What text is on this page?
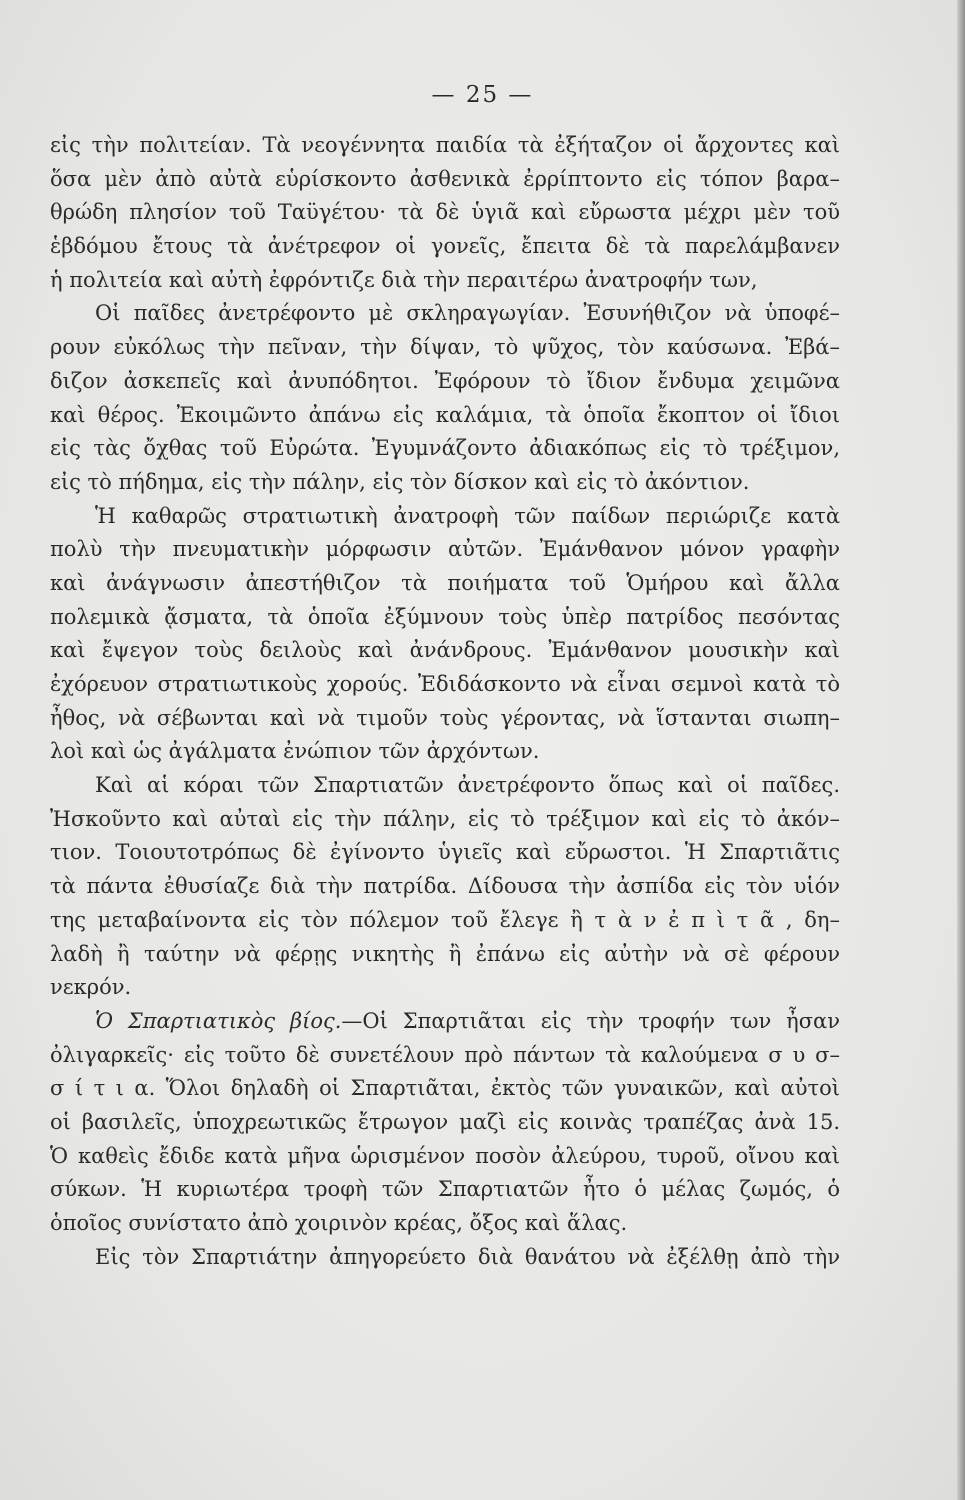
— 25 —
εἰς τὴν πολιτείαν. Τὰ νεογέννητα παιδία τὰ ἐξήταζον οἱ ἄρχοντες καὶ
ὅσα μὲν ἀπὸ αὐτὰ εὑρίσκοντο ἀσθενικὰ ἐρρίπτοντο εἰς τόπον βαρα–
θρώδη πλησίον τοῦ Ταϋγέτου· τὰ δὲ ὑγιᾶ καὶ εὔρωστα μέχρι μὲν τοῦ
ἑβδόμου ἔτους τὰ ἀνέτρεφον οἱ γονεῖς, ἔπειτα δὲ τὰ παρελάμβανεν
ἡ πολιτεία καὶ αὐτὴ ἐφρόντιζε διὰ τὴν περαιτέρω ἀνατροφήν των,
Οἱ παῖδες ἀνετρέφοντο μὲ σκληραγωγίαν. Ἐσυνήθιζον νὰ ὑποφέ–
ρουν εὐκόλως τὴν πεῖναν, τὴν δίψαν, τὸ ψῦχος, τὸν καύσωνα. Ἐβά–
διζον ἀσκεπεῖς καὶ ἀνυπόδητοι. Ἐφόρουν τὸ ἴδιον ἔνδυμα χειμῶνα
καὶ θέρος. Ἐκοιμῶντο ἀπάνω εἰς καλάμια, τὰ ὁποῖα ἔκοπτον οἱ ἴδιοι
εἰς τὰς ὄχθας τοῦ Εὐρώτα. Ἐγυμνάζοντο ἀδιακόπως εἰς τὸ τρέξιμον,
εἰς τὸ πήδημα, εἰς τὴν πάλην, εἰς τὸν δίσκον καὶ εἰς τὸ ἀκόντιον.
Ἡ καθαρῶς στρατιωτικὴ ἀνατροφὴ τῶν παίδων περιώριζε κατὰ
πολὺ τὴν πνευματικὴν μόρφωσιν αὐτῶν. Ἐμάνθανον μόνον γραφὴν
καὶ ἀνάγνωσιν ἀπεστήθιζον τὰ ποιήματα τοῦ Ὁμήρου καὶ ἄλλα
πολεμικὰ ᾄσματα, τὰ ὁποῖα ἐξύμνουν τοὺς ὑπὲρ πατρίδος πεσόντας
καὶ ἔψεγον τοὺς δειλοὺς καὶ ἀνάνδρους. Ἐμάνθανον μουσικὴν καὶ
ἐχόρευον στρατιωτικοὺς χορούς. Ἐδιδάσκοντο νὰ εἶναι σεμνοὶ κατὰ τὸ
ἦθος, νὰ σέβωνται καὶ νὰ τιμοῦν τοὺς γέροντας, νὰ ἵστανται σιωπη–
λοὶ καὶ ὡς ἀγάλματα ἐνώπιον τῶν ἀρχόντων.
Καὶ αἱ κόραι τῶν Σπαρτιατῶν ἀνετρέφοντο ὅπως καὶ οἱ παῖδες.
Ἠσκοῦντο καὶ αὐταὶ εἰς τὴν πάλην, εἰς τὸ τρέξιμον καὶ εἰς τὸ ἀκόν–
τιον. Τοιουτοτρόπως δὲ ἐγίνοντο ὑγιεῖς καὶ εὔρωστοι. Ἡ Σπαρτιᾶτις
τὰ πάντα ἐθυσίαζε διὰ τὴν πατρίδα. Δίδουσα τὴν ἀσπίδα εἰς τὸν υἱόν
της μεταβαίνοντα εἰς τὸν πόλεμον τοῦ ἔλεγε ἢ τ ὰ ν ἐ π ὶ τ ᾶ , δη–
λαδὴ ἢ ταύτην νὰ φέρῃς νικητὴς ἢ ἐπάνω εἰς αὐτὴν νὰ σὲ φέρουν
νεκρόν.
Ὁ Σπαρτιατικὸς βίος.—Οἱ Σπαρτιᾶται εἰς τὴν τροφήν των ἦσαν
ὀλιγαρκεῖς· εἰς τοῦτο δὲ συνετέλουν πρὸ πάντων τὰ καλούμενα σ υ σ–
σ ί τ ι α. Ὅλοι δηλαδὴ οἱ Σπαρτιᾶται, ἐκτὸς τῶν γυναικῶν, καὶ αὐτοὶ
οἱ βασιλεῖς, ὑποχρεωτικῶς ἔτρωγον μαζὶ εἰς κοινὰς τραπέζας ἀνὰ 15.
Ὁ καθεὶς ἔδιδε κατὰ μῆνα ὡρισμένον ποσὸν ἀλεύρου, τυροῦ, οἴνου καὶ
σύκων. Ἡ κυριωτέρα τροφὴ τῶν Σπαρτιατῶν ἦτο ὁ μέλας ζωμός, ὁ
ὁποῖος συνίστατο ἀπὸ χοιρινὸν κρέας, ὄξος καὶ ἅλας.
Εἰς τὸν Σπαρτιάτην ἀπηγορεύετο διὰ θανάτου νὰ ἐξέλθῃ ἀπὸ τὴν
